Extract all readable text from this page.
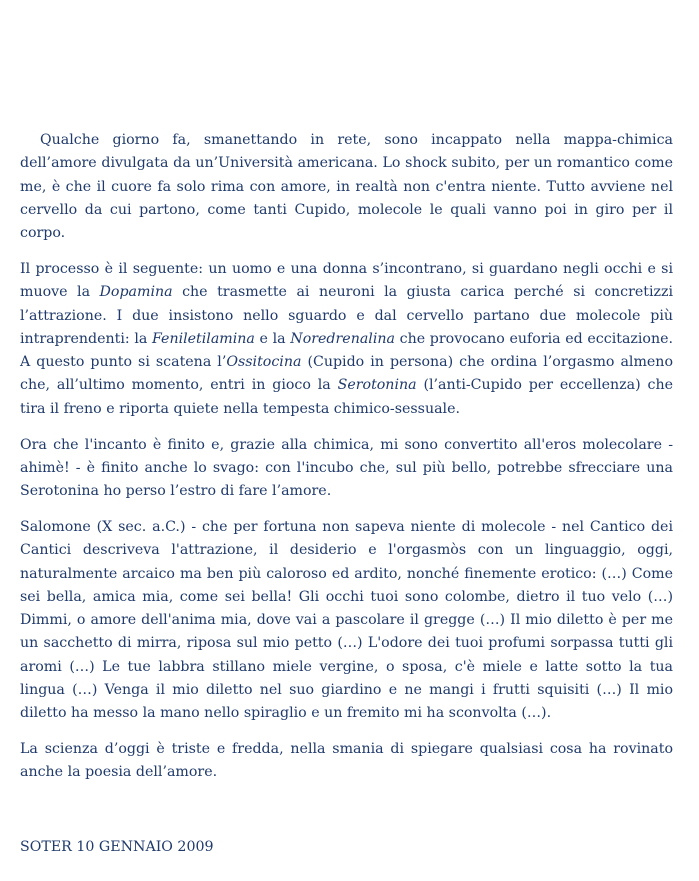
Qualche giorno fa, smanettando in rete, sono incappato nella mappa-chimica dell’amore divulgata da un’Università americana. Lo shock subito, per un romantico come me, è che il cuore fa solo rima con amore, in realtà non c'entra niente. Tutto avviene nel cervello da cui partono, come tanti Cupido, molecole le quali vanno poi in giro per il corpo.

Il processo è il seguente: un uomo e una donna s’incontrano, si guardano negli occhi e si muove la Dopamina che trasmette ai neuroni la giusta carica perché si concretizzi l’attrazione. I due insistono nello sguardo e dal cervello partano due molecole più intraprendenti: la Feniletilamina e la Noredrenalina che provocano euforia ed eccitazione. A questo punto si scatena l’Ossitocina (Cupido in persona) che ordina l’orgasmo almeno che, all’ultimo momento, entri in gioco la Serotonina (l’anti-Cupido per eccellenza) che tira il freno e riporta quiete nella tempesta chimico-sessuale.

Ora che l'incanto è finito e, grazie alla chimica, mi sono convertito all'eros molecolare - ahimè! - è finito anche lo svago: con l'incubo che, sul più bello, potrebbe sfrecciare una Serotonina ho perso l’estro di fare l’amore.

Salomone (X sec. a.C.) - che per fortuna non sapeva niente di molecole - nel Cantico dei Cantici descriveva l'attrazione, il desiderio e l'orgasmòs con un linguaggio, oggi, naturalmente arcaico ma ben più caloroso ed ardito, nonché finemente erotico: (…) Come sei bella, amica mia, come sei bella! Gli occhi tuoi sono colombe, dietro il tuo velo (…) Dimmi, o amore dell'anima mia, dove vai a pascolare il gregge (…) Il mio diletto è per me un sacchetto di mirra, riposa sul mio petto (…) L'odore dei tuoi profumi sorpassa tutti gli aromi (…) Le tue labbra stillano miele vergine, o sposa, c'è miele e latte sotto la tua lingua (…) Venga il mio diletto nel suo giardino e ne mangi i frutti squisiti (…) Il mio diletto ha messo la mano nello spiraglio e un fremito mi ha sconvolta (…).

La scienza d’oggi è triste e fredda, nella smania di spiegare qualsiasi cosa ha rovinato anche la poesia dell’amore.

SOTER 10 GENNAIO 2009
